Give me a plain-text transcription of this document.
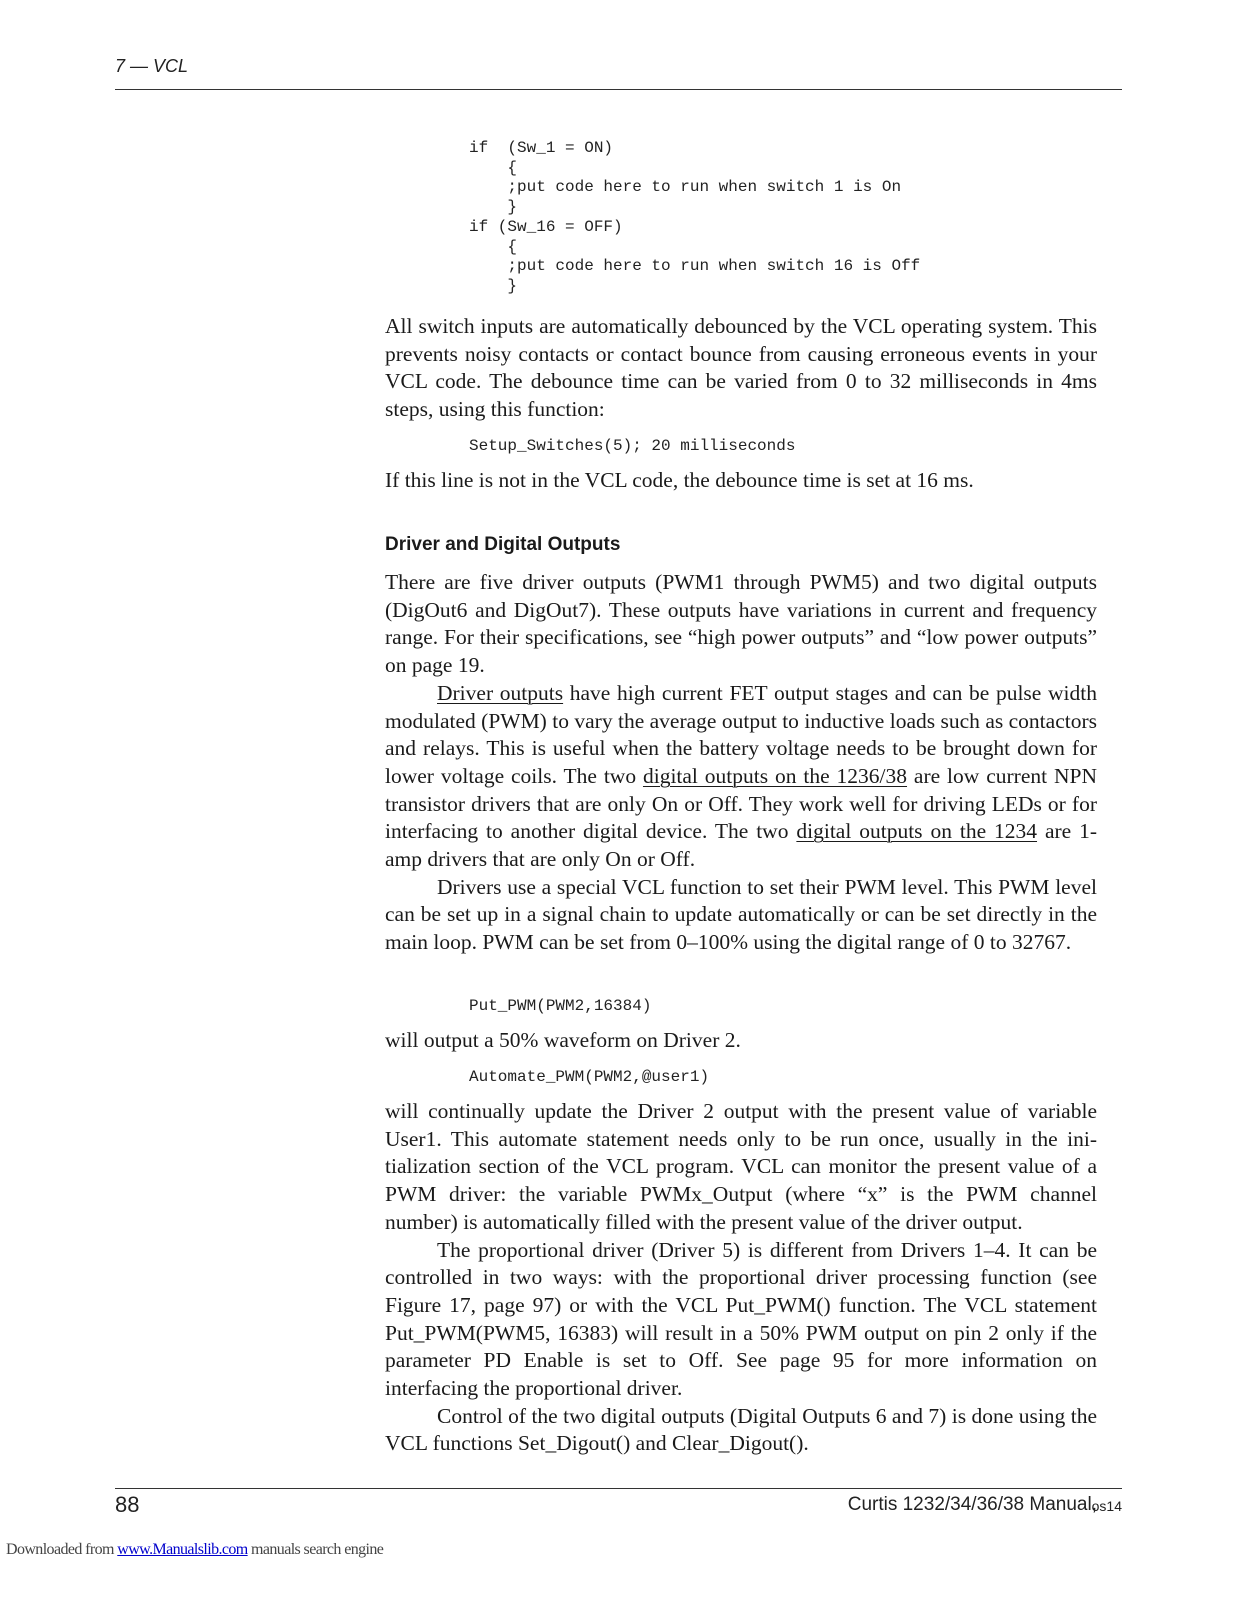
7 — VCL
if  (Sw_1 = ON)
{
;put code here to run when switch 1 is On
}
if (Sw_16 = OFF)
{
;put code here to run when switch 16 is Off
}

All switch inputs are automatically debounced by the VCL operating system. This prevents noisy contacts or contact bounce from causing erroneous events in your VCL code. The debounce time can be varied from 0 to 32 milliseconds in 4ms steps, using this function:

Setup_Switches(5); 20 milliseconds

If this line is not in the VCL code, the debounce time is set at 16 ms.

Driver and Digital Outputs

There are five driver outputs (PWM1 through PWM5) and two digital outputs (DigOut6 and DigOut7). These outputs have variations in current and frequency range. For their specifications, see “high power outputs” and “low power outputs” on page 19.

Driver outputs have high current FET output stages and can be pulse width modulated (PWM) to vary the average output to inductive loads such as contactors and relays. This is useful when the battery voltage needs to be brought down for lower voltage coils. The two digital outputs on the 1236/38 are low current NPN transistor drivers that are only On or Off. They work well for driving LEDs or for interfacing to another digital device. The two digital outputs on the 1234 are 1-amp drivers that are only On or Off.

Drivers use a special VCL function to set their PWM level. This PWM level can be set up in a signal chain to update automatically or can be set directly in the main loop. PWM can be set from 0–100% using the digital range of 0 to 32767.

Put_PWM(PWM2,16384)

will output a 50% waveform on Driver 2.

Automate_PWM(PWM2,@user1)

will continually update the Driver 2 output with the present value of variable User1. This automate statement needs only to be run once, usually in the initialization section of the VCL program. VCL can monitor the present value of a PWM driver: the variable PWMx_Output (where “x” is the PWM channel number) is automatically filled with the present value of the driver output.

The proportional driver (Driver 5) is different from Drivers 1–4. It can be controlled in two ways: with the proportional driver processing function (see Figure 17, page 97) or with the VCL Put_PWM() function. The VCL statement Put_PWM(PWM5, 16383) will result in a 50% PWM output on pin 2 only if the parameter PD Enable is set to Off. See page 95 for more information on interfacing the proportional driver.

Control of the two digital outputs (Digital Outputs 6 and 7) is done using the VCL functions Set_Digout() and Clear_Digout().

88	Curtis 1232/34/36/38 Manual,
os14
Downloaded from www.Manualslib.com manuals search engine
